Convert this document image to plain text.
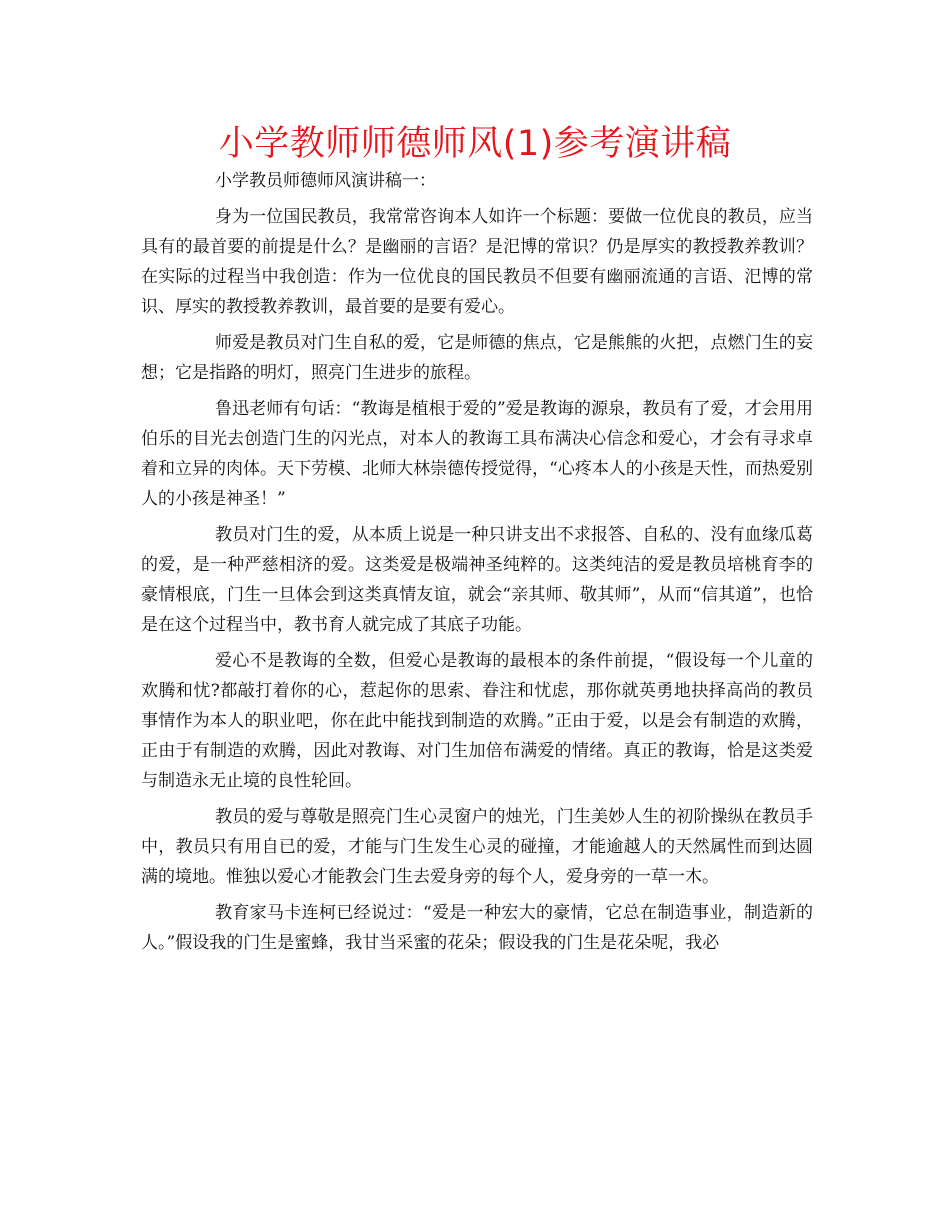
小学教师师德师风(1)参考演讲稿

小学教员师德师风演讲稿一：

身为一位国民教员，我常常咨询本人如许一个标题：要做一位优良的教员，应当具有的最首要的前提是什么？是幽丽的言语？是汜博的常识？仍是厚实的教授教养教训？在实际的过程当中我创造：作为一位优良的国民教员不但要有幽丽流通的言语、汜博的常识、厚实的教授教养教训，最首要的是要有爱心。

师爱是教员对门生自私的爱，它是师德的焦点，它是熊熊的火把，点燃门生的妄想；它是指路的明灯，照亮门生进步的旅程。

鲁迅老师有句话：“教诲是植根于爱的”爱是教诲的源泉，教员有了爱，才会用用伯乐的目光去创造门生的闪光点，对本人的教诲工具布满决心信念和爱心，才会有寻求卓着和立异的肉体。天下劳模、北师大林崇德传授觉得，“心疼本人的小孩是天性，而热爱别人的小孩是神圣！”

教员对门生的爱，从本质上说是一种只讲支出不求报答、自私的、没有血缘瓜葛的爱，是一种严慈相济的爱。这类爱是极端神圣纯粹的。这类纯洁的爱是教员培桃育李的豪情根底，门生一旦体会到这类真情友谊，就会“亲其师、敬其师”，从而“信其道”，也恰是在这个过程当中，教书育人就完成了其底子功能。

爱心不是教诲的全数，但爱心是教诲的最根本的条件前提，“假设每一个儿童的欢腾和忧?都敲打着你的心，惹起你的思索、眷注和忧虑，那你就英勇地抉择高尚的教员事情作为本人的职业吧，你在此中能找到制造的欢腾。”正由于爱，以是会有制造的欢腾，正由于有制造的欢腾，因此对教诲、对门生加倍布满爱的情绪。真正的教诲，恰是这类爱与制造永无止境的良性轮回。

教员的爱与尊敬是照亮门生心灵窗户的烛光，门生美妙人生的初阶操纵在教员手中，教员只有用自已的爱，才能与门生发生心灵的碰撞，才能逾越人的天然属性而到达圆满的境地。惟独以爱心才能教会门生去爱身旁的每个人，爱身旁的一草一木。

教育家马卡连柯已经说过：“爱是一种宏大的豪情，它总在制造事业，制造新的人。”假设我的门生是蜜蜂，我甘当采蜜的花朵；假设我的门生是花朵呢，我必
